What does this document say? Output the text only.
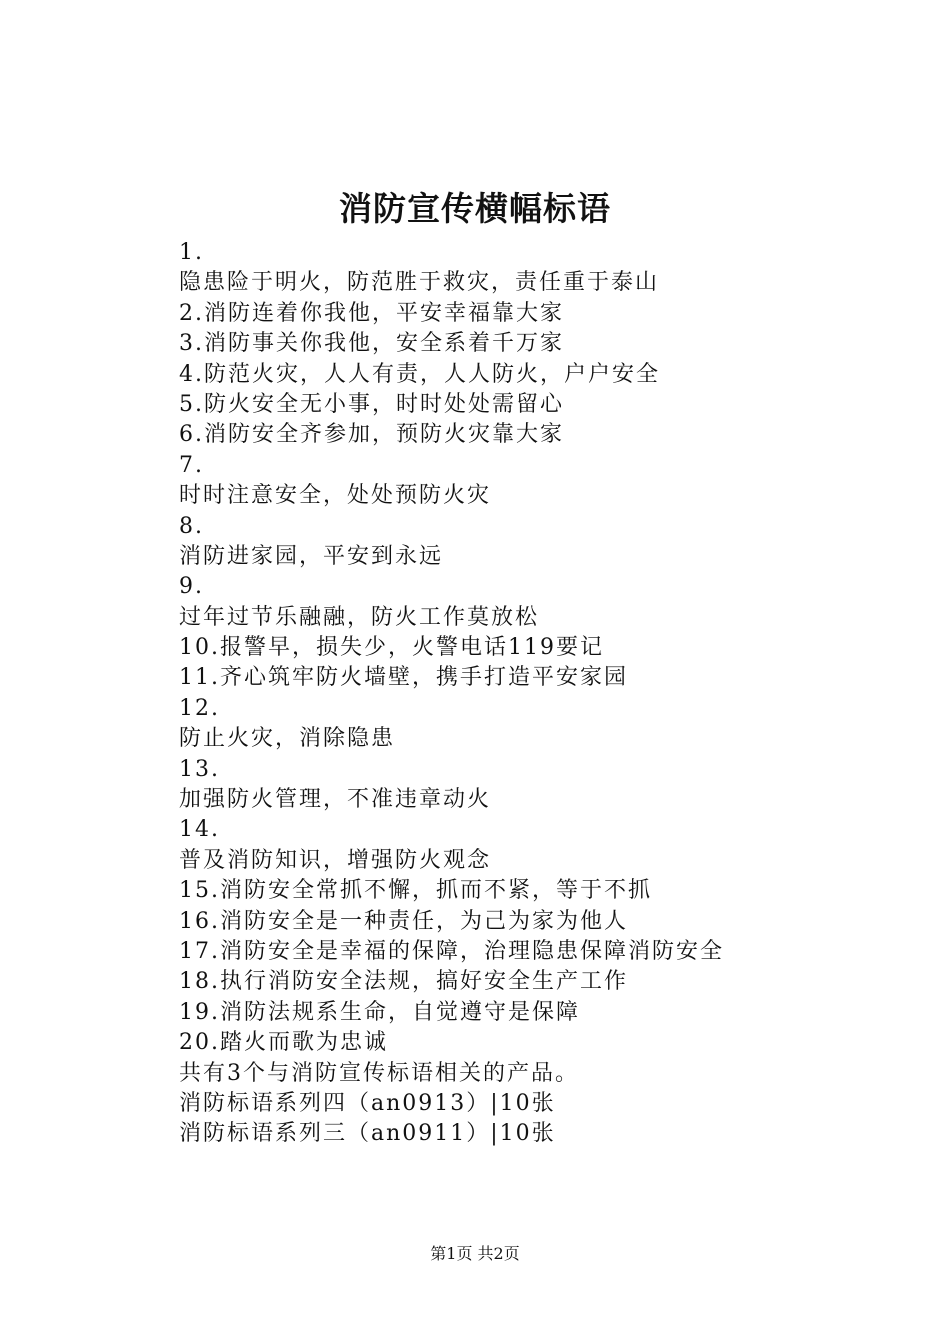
消防宣传横幅标语
1.
隐患险于明火，防范胜于救灾，责任重于泰山
2.消防连着你我他，平安幸福靠大家
3.消防事关你我他，安全系着千万家
4.防范火灾，人人有责，人人防火，户户安全
5.防火安全无小事，时时处处需留心
6.消防安全齐参加，预防火灾靠大家
7.
时时注意安全，处处预防火灾
8.
消防进家园，平安到永远
9.
过年过节乐融融，防火工作莫放松
10.报警早，损失少，火警电话119要记
11.齐心筑牢防火墙壁，携手打造平安家园
12.
防止火灾，消除隐患
13.
加强防火管理，不准违章动火
14.
普及消防知识，增强防火观念
15.消防安全常抓不懈，抓而不紧，等于不抓
16.消防安全是一种责任，为己为家为他人
17.消防安全是幸福的保障，治理隐患保障消防安全
18.执行消防安全法规，搞好安全生产工作
19.消防法规系生命，自觉遵守是保障
20.踏火而歌为忠诚
共有3个与消防宣传标语相关的产品。
消防标语系列四（an0913）|10张
消防标语系列三（an0911）|10张
第1页 共2页
